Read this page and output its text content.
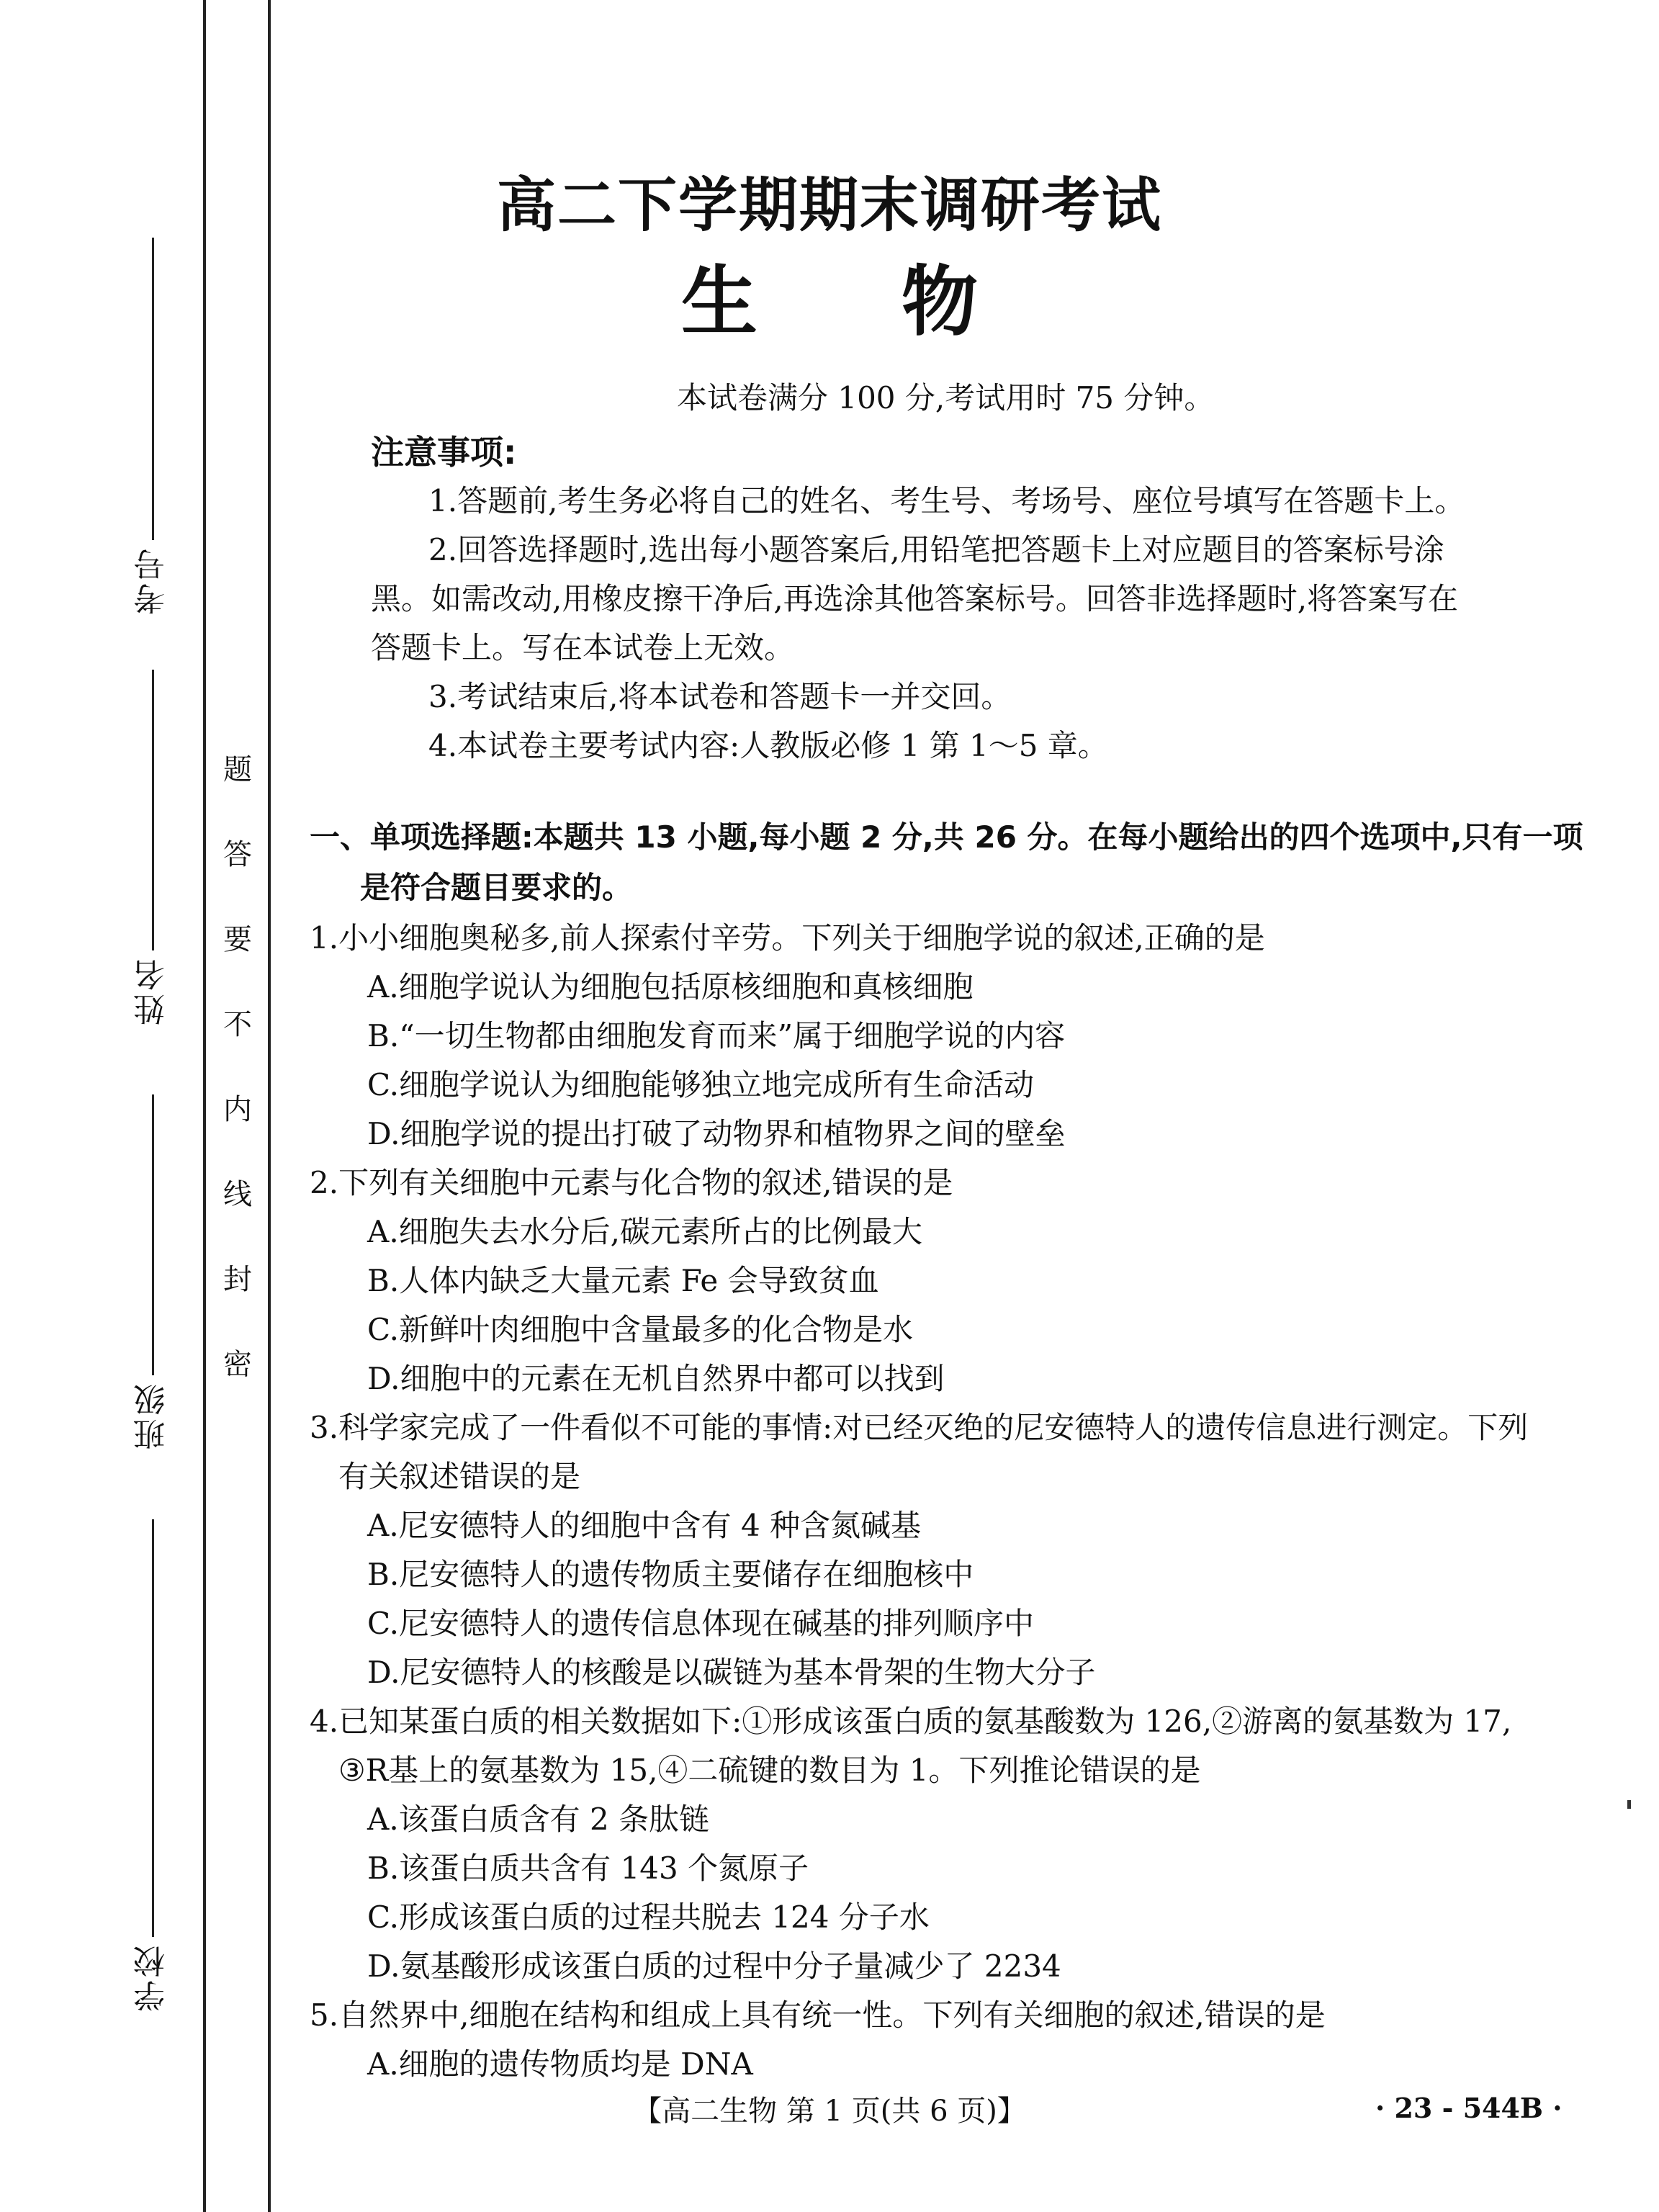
考号
姓名
班级
学校
题
答
要
不
内
线
封
密
高二下学期期末调研考试
生物
本试卷满分 100 分,考试用时 75 分钟。
注意事项:
1.答题前,考生务必将自己的姓名、考生号、考场号、座位号填写在答题卡上。
2.回答选择题时,选出每小题答案后,用铅笔把答题卡上对应题目的答案标号涂
黑。如需改动,用橡皮擦干净后,再选涂其他答案标号。回答非选择题时,将答案写在
答题卡上。写在本试卷上无效。
3.考试结束后,将本试卷和答题卡一并交回。
4.本试卷主要考试内容:人教版必修 1 第 1～5 章。
一、单项选择题:本题共 13 小题,每小题 2 分,共 26 分。在每小题给出的四个选项中,只有一项
是符合题目要求的。
1.小小细胞奥秘多,前人探索付辛劳。下列关于细胞学说的叙述,正确的是
A.细胞学说认为细胞包括原核细胞和真核细胞
B.“一切生物都由细胞发育而来”属于细胞学说的内容
C.细胞学说认为细胞能够独立地完成所有生命活动
D.细胞学说的提出打破了动物界和植物界之间的壁垒
2.下列有关细胞中元素与化合物的叙述,错误的是
A.细胞失去水分后,碳元素所占的比例最大
B.人体内缺乏大量元素 Fe 会导致贫血
C.新鲜叶肉细胞中含量最多的化合物是水
D.细胞中的元素在无机自然界中都可以找到
3.科学家完成了一件看似不可能的事情:对已经灭绝的尼安德特人的遗传信息进行测定。下列
有关叙述错误的是
A.尼安德特人的细胞中含有 4 种含氮碱基
B.尼安德特人的遗传物质主要储存在细胞核中
C.尼安德特人的遗传信息体现在碱基的排列顺序中
D.尼安德特人的核酸是以碳链为基本骨架的生物大分子
4.已知某蛋白质的相关数据如下:①形成该蛋白质的氨基酸数为 126,②游离的氨基数为 17,
③R基上的氨基数为 15,④二硫键的数目为 1。下列推论错误的是
A.该蛋白质含有 2 条肽链
B.该蛋白质共含有 143 个氮原子
C.形成该蛋白质的过程共脱去 124 分子水
D.氨基酸形成该蛋白质的过程中分子量减少了 2234
5.自然界中,细胞在结构和组成上具有统一性。下列有关细胞的叙述,错误的是
A.细胞的遗传物质均是 DNA
【高二生物 第 1 页(共 6 页)】	· 23 - 544B ·
